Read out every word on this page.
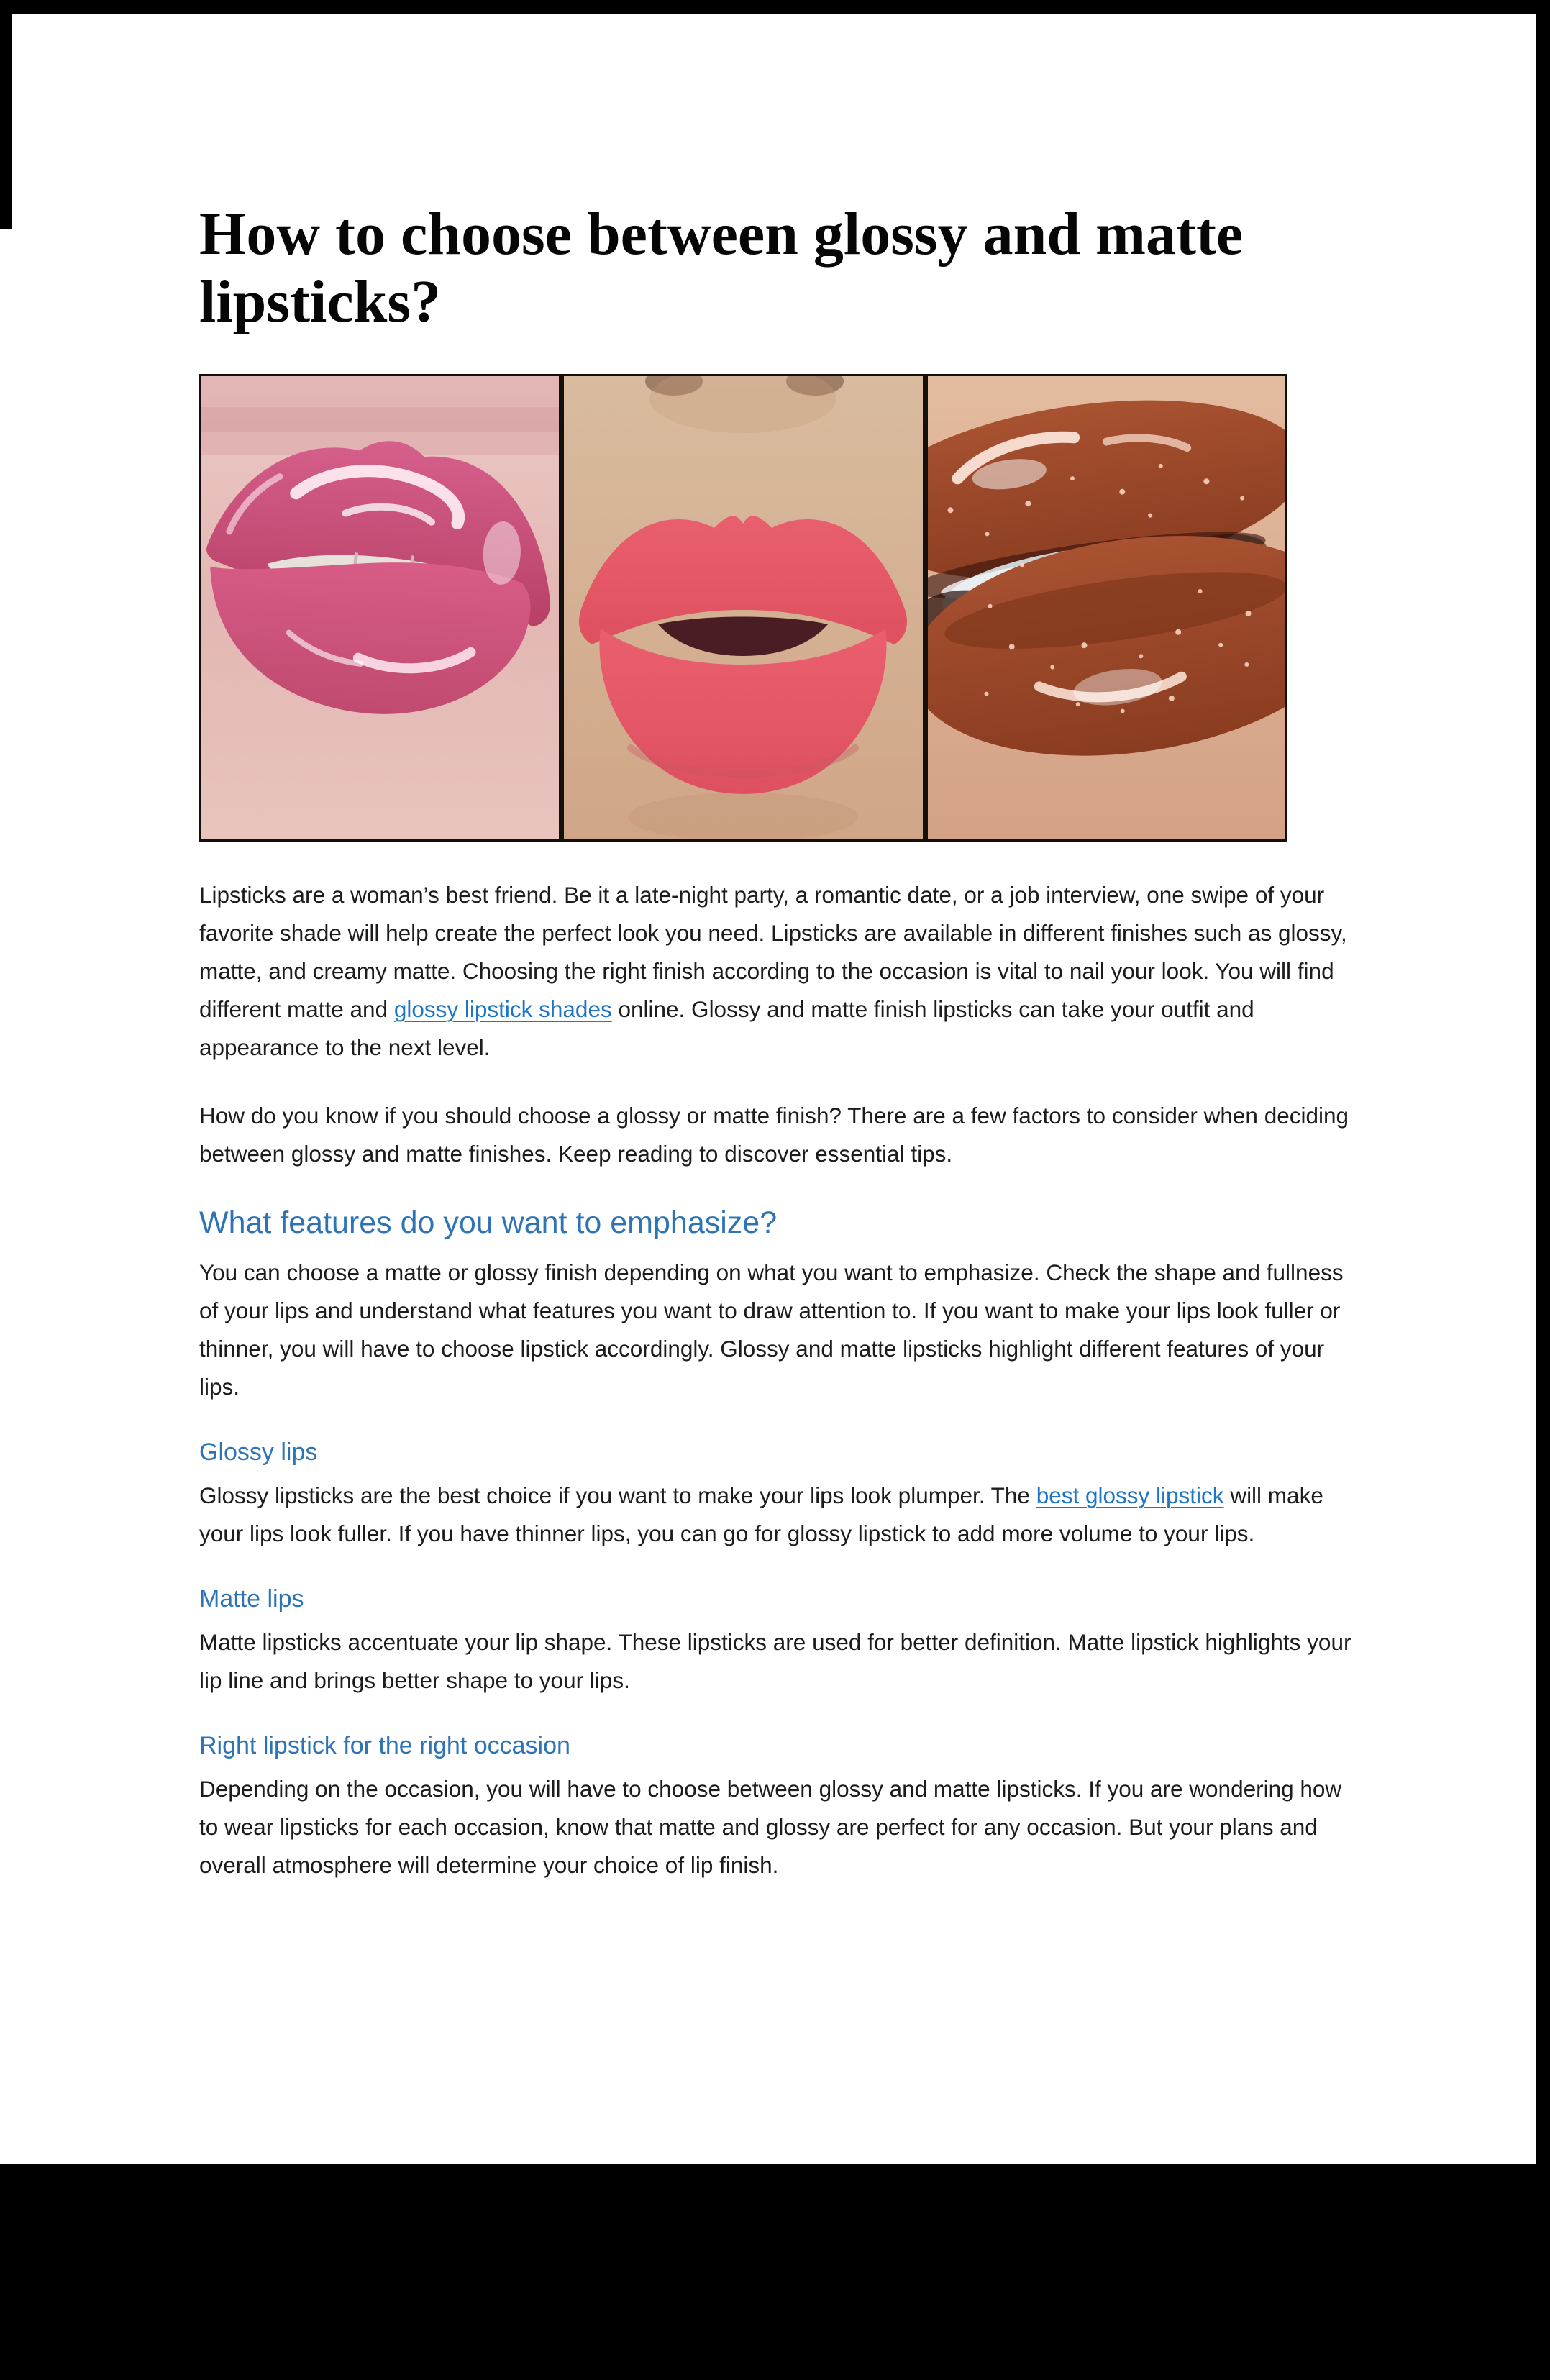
How to choose between glossy and matte lipsticks?

Lipsticks are a woman’s best friend. Be it a late-night party, a romantic date, or a job interview, one swipe of your favorite shade will help create the perfect look you need. Lipsticks are available in different finishes such as glossy, matte, and creamy matte. Choosing the right finish according to the occasion is vital to nail your look. You will find different matte and glossy lipstick shades online. Glossy and matte finish lipsticks can take your outfit and appearance to the next level.

How do you know if you should choose a glossy or matte finish? There are a few factors to consider when deciding between glossy and matte finishes. Keep reading to discover essential tips.

What features do you want to emphasize?

You can choose a matte or glossy finish depending on what you want to emphasize. Check the shape and fullness of your lips and understand what features you want to draw attention to. If you want to make your lips look fuller or thinner, you will have to choose lipstick accordingly. Glossy and matte lipsticks highlight different features of your lips.

Glossy lips

Glossy lipsticks are the best choice if you want to make your lips look plumper. The best glossy lipstick will make your lips look fuller. If you have thinner lips, you can go for glossy lipstick to add more volume to your lips.

Matte lips

Matte lipsticks accentuate your lip shape. These lipsticks are used for better definition. Matte lipstick highlights your lip line and brings better shape to your lips.

Right lipstick for the right occasion

Depending on the occasion, you will have to choose between glossy and matte lipsticks. If you are wondering how to wear lipsticks for each occasion, know that matte and glossy are perfect for any occasion. But your plans and overall atmosphere will determine your choice of lip finish.
